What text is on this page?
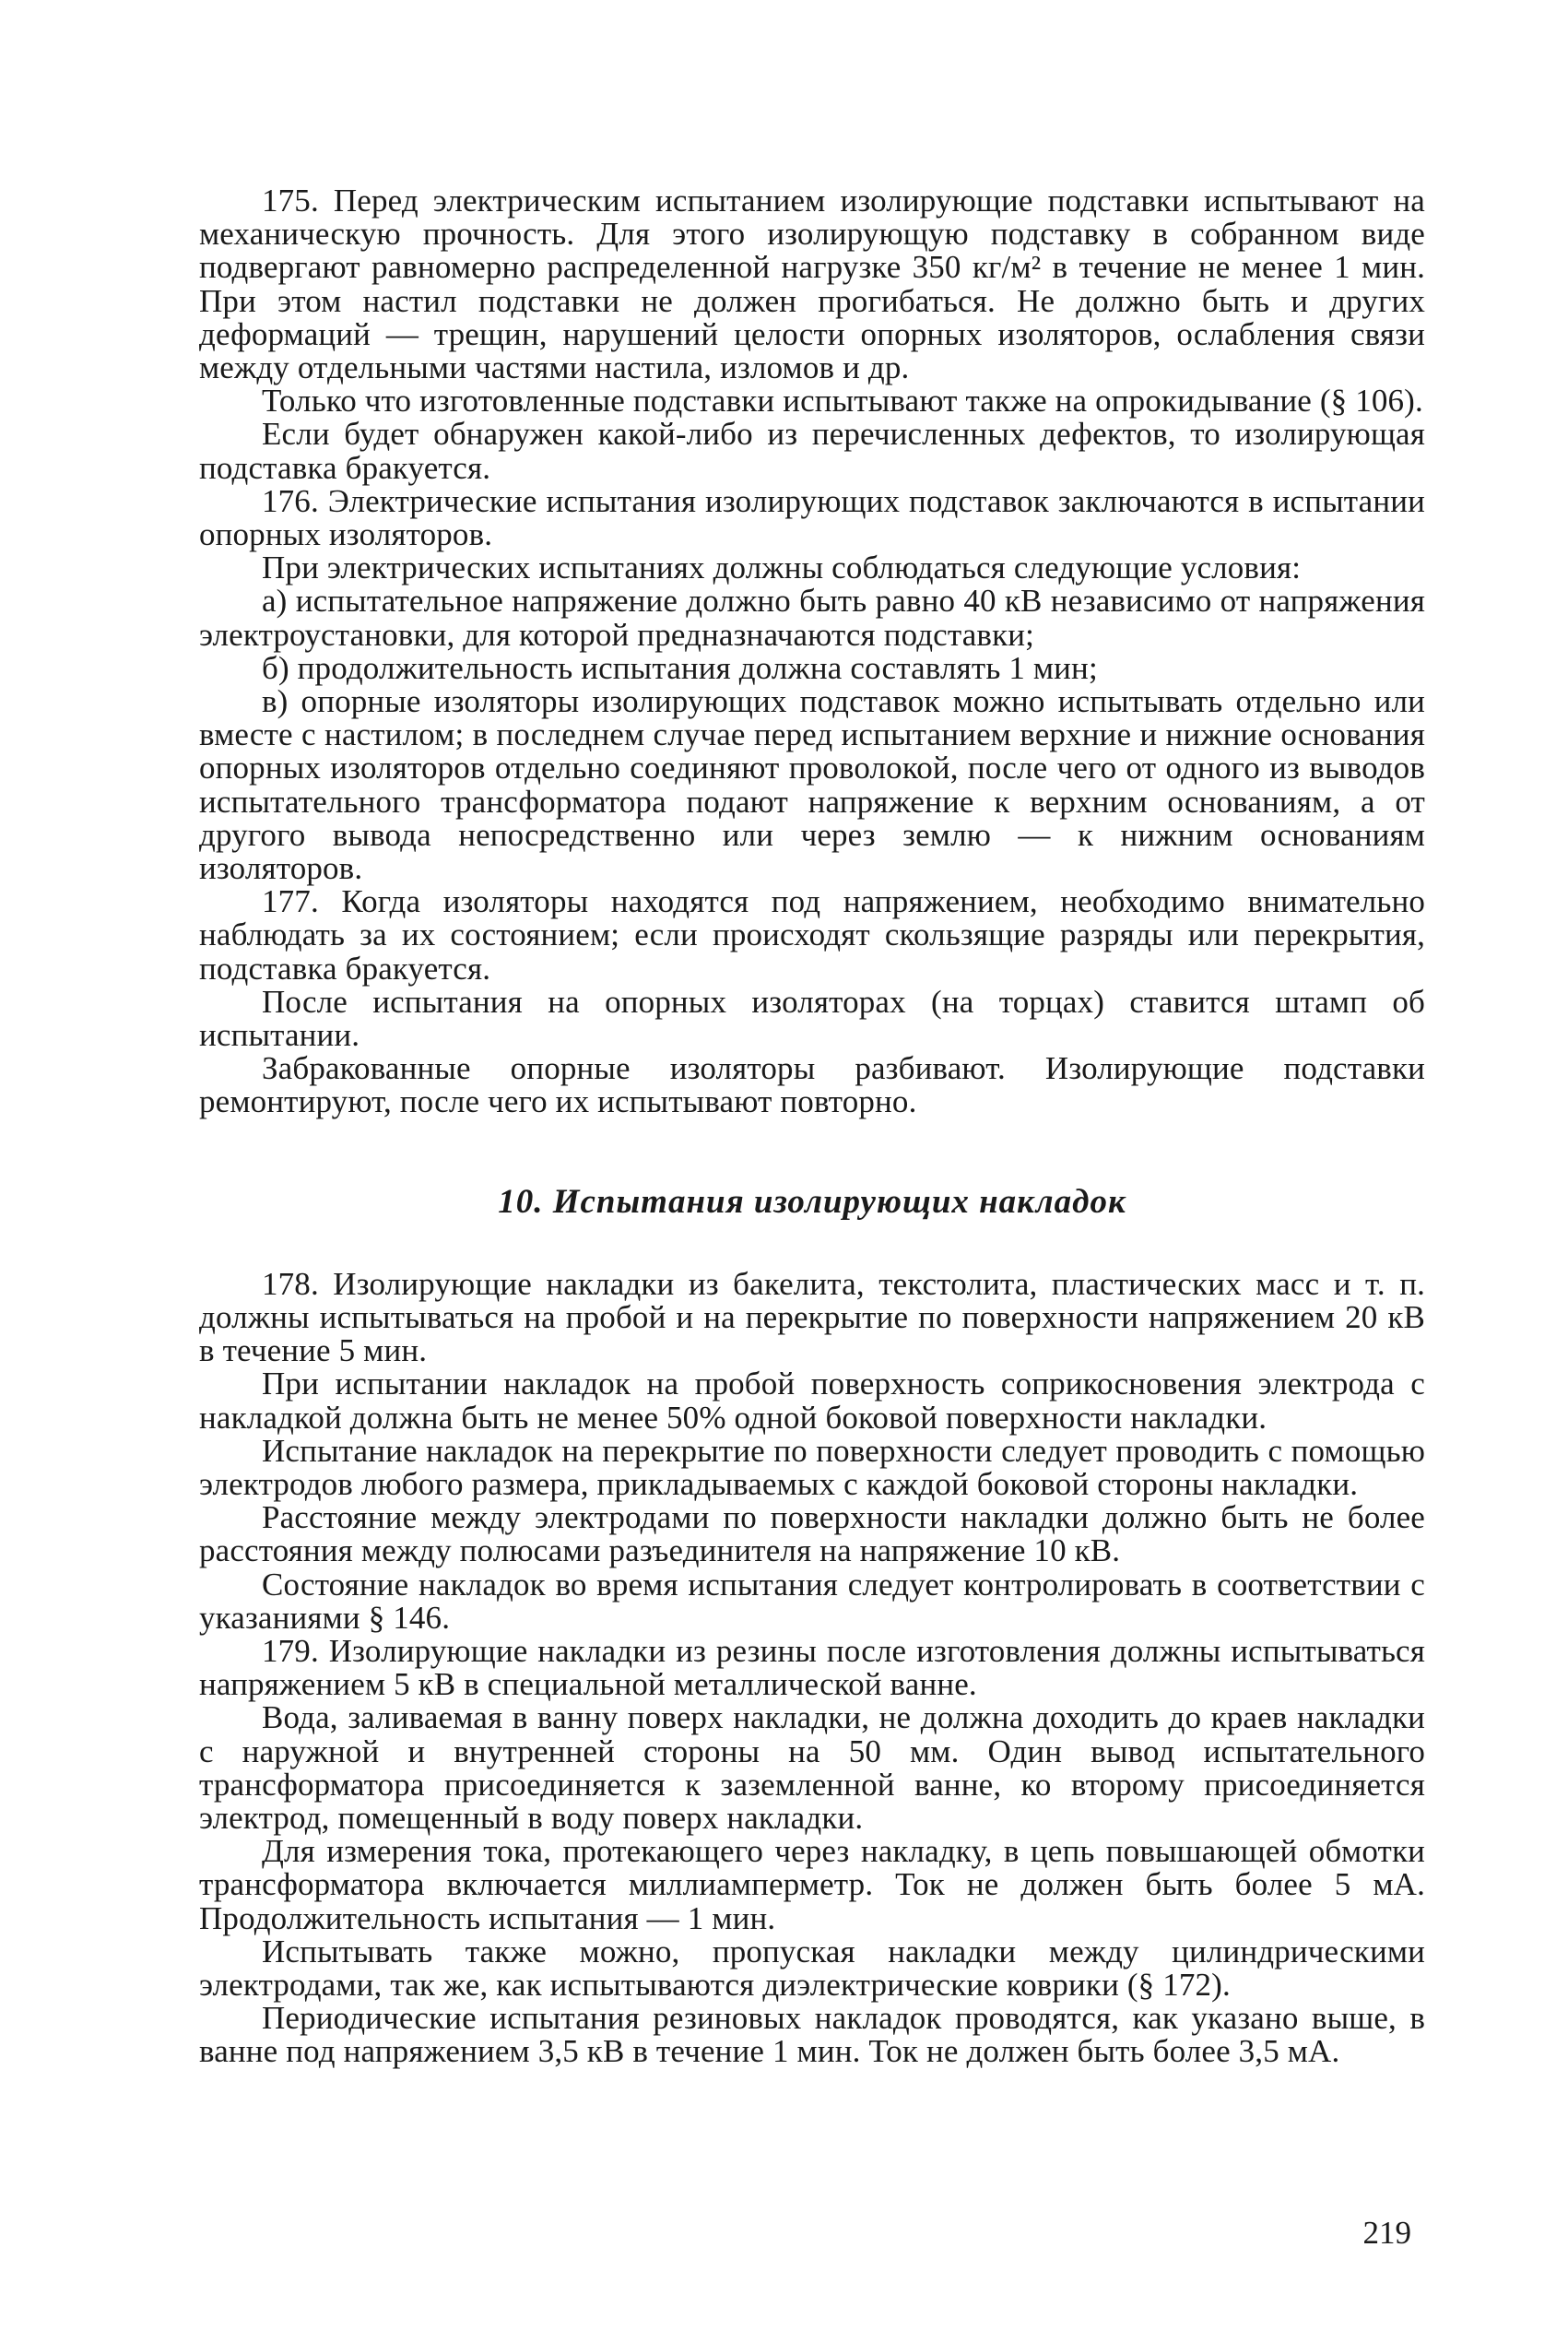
175. Перед электрическим испытанием изолирующие подставки испытывают на механическую прочность. Для этого изолирующую подставку в собранном виде подвергают равномерно распределенной нагрузке 350 кг/м² в течение не менее 1 мин. При этом настил подставки не должен прогибаться. Не должно быть и других деформаций — трещин, нарушений целости опорных изоляторов, ослабления связи между отдельными частями настила, изломов и др.

Только что изготовленные подставки испытывают также на опрокидывание (§ 106).

Если будет обнаружен какой-либо из перечисленных дефектов, то изолирующая подставка бракуется.

176. Электрические испытания изолирующих подставок заключаются в испытании опорных изоляторов.

При электрических испытаниях должны соблюдаться следующие условия:

а) испытательное напряжение должно быть равно 40 кВ независимо от напряжения электроустановки, для которой предназначаются подставки;

б) продолжительность испытания должна составлять 1 мин;

в) опорные изоляторы изолирующих подставок можно испытывать отдельно или вместе с настилом; в последнем случае перед испытанием верхние и нижние основания опорных изоляторов отдельно соединяют проволокой, после чего от одного из выводов испытательного трансформатора подают напряжение к верхним основаниям, а от другого вывода непосредственно или через землю — к нижним основаниям изоляторов.

177. Когда изоляторы находятся под напряжением, необходимо внимательно наблюдать за их состоянием; если происходят скользящие разряды или перекрытия, подставка бракуется.

После испытания на опорных изоляторах (на торцах) ставится штамп об испытании.

Забракованные опорные изоляторы разбивают. Изолирующие подставки ремонтируют, после чего их испытывают повторно.

10. Испытания изолирующих накладок

178. Изолирующие накладки из бакелита, текстолита, пластических масс и т. п. должны испытываться на пробой и на перекрытие по поверхности напряжением 20 кВ в течение 5 мин.

При испытании накладок на пробой поверхность соприкосновения электрода с накладкой должна быть не менее 50% одной боковой поверхности накладки.

Испытание накладок на перекрытие по поверхности следует проводить с помощью электродов любого размера, прикладываемых с каждой боковой стороны накладки.

Расстояние между электродами по поверхности накладки должно быть не более расстояния между полюсами разъединителя на напряжение 10 кВ.

Состояние накладок во время испытания следует контролировать в соответствии с указаниями § 146.

179. Изолирующие накладки из резины после изготовления должны испытываться напряжением 5 кВ в специальной металлической ванне.

Вода, заливаемая в ванну поверх накладки, не должна доходить до краев накладки с наружной и внутренней стороны на 50 мм. Один вывод испытательного трансформатора присоединяется к заземленной ванне, ко второму присоединяется электрод, помещенный в воду поверх накладки.

Для измерения тока, протекающего через накладку, в цепь повышающей обмотки трансформатора включается миллиамперметр. Ток не должен быть более 5 мА. Продолжительность испытания — 1 мин.

Испытывать также можно, пропуская накладки между цилиндрическими электродами, так же, как испытываются диэлектрические коврики (§ 172).

Периодические испытания резиновых накладок проводятся, как указано выше, в ванне под напряжением 3,5 кВ в течение 1 мин. Ток не должен быть более 3,5 мА.

219
